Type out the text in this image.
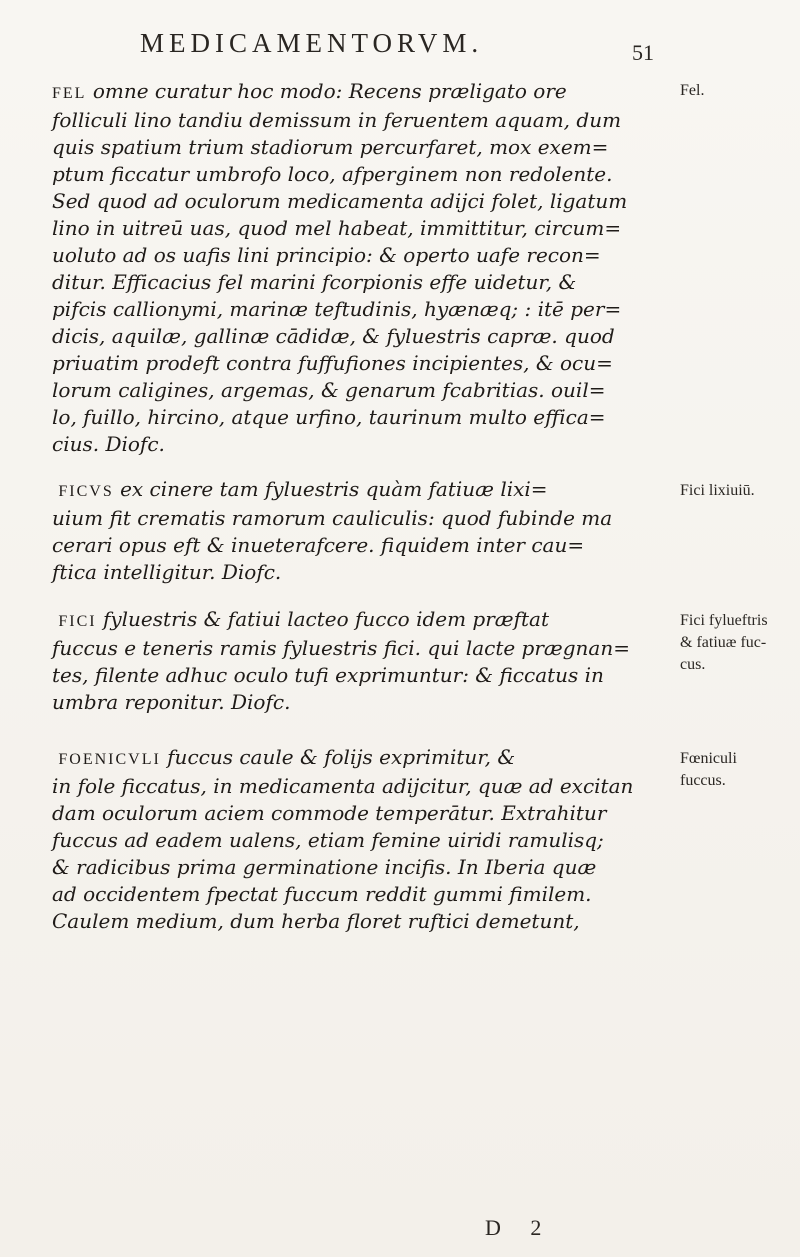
MEDICAMENTORVM.	51
FEL omne curatur hoc modo: Recens præligato ore
folliculi lino tandiu demissum in feruentem aquam, dum
quis spatium trium stadiorum percurfaret, mox exem=
ptum ficcatur umbrofo loco, afperginem non redolente.
Sed quod ad oculorum medicamenta adijci folet, ligatum
lino in uitreū uas, quod mel habeat, immittitur, circum=
uoluto ad os uafis lini principio: & operto uafe recon=
ditur. Efficacius fel marini fcorpionis effe uidetur, &
pifcis callionymi, marinæ teftudinis, hyænæq; : itē per=
dicis, aquilæ, gallinæ cādidæ, & fyluestris capræ. quod
priuatim prodeft contra fuffufiones incipientes, & ocu=
lorum caligines, argemas, & genarum fcabritias. ouil=
lo, fuillo, hircino, atque urfino, taurinum multo effica=
cius. Diofc.
Fel.
FICVS ex cinere tam fyluestris quàm fatiuæ lixi=
uium fit crematis ramorum cauliculis: quod fubinde ma
cerari opus eft & inueterafcere. fiquidem inter cau=
ftica intelligitur. Diofc.
Fici lixiuiū.
FICI fyluestris & fatiui lacteo fucco idem præftat
fuccus e teneris ramis fyluestris fici. qui lacte prægnan=
tes, filente adhuc oculo tufi exprimuntur: & ficcatus in
umbra reponitur. Diofc.
Fici fylueftris
& fatiuæ fuc-
cus.
FOENICVLI fuccus caule & folijs exprimitur, &
in fole ficcatus, in medicamenta adijcitur, quæ ad excitan
dam oculorum aciem commode temperātur. Extrahitur
fuccus ad eadem ualens, etiam femine uiridi ramulisq;
& radicibus prima germinatione incifis. In Iberia quæ
ad occidentem fpectat fuccum reddit gummi fimilem.
Caulem medium, dum herba floret ruftici demetunt,
Fœniculi
fuccus.
D 2
